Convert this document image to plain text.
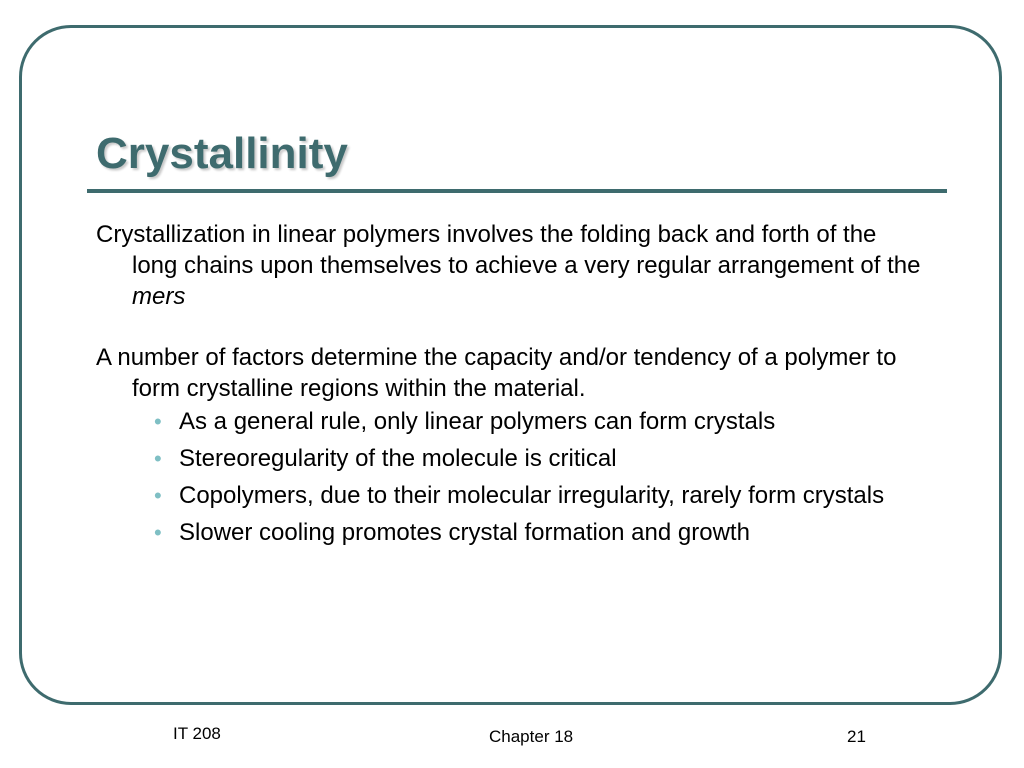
Crystallinity

Crystallization in linear polymers involves the folding back and forth of the long chains upon themselves to achieve a very regular arrangement of the mers

A number of factors determine the capacity and/or tendency of a polymer to form crystalline regions within the material.

• As a general rule, only linear polymers can form crystals
• Stereoregularity of the molecule is critical
• Copolymers, due to their molecular irregularity, rarely form crystals
• Slower cooling promotes crystal formation and growth
IT 208	Chapter 18	21
